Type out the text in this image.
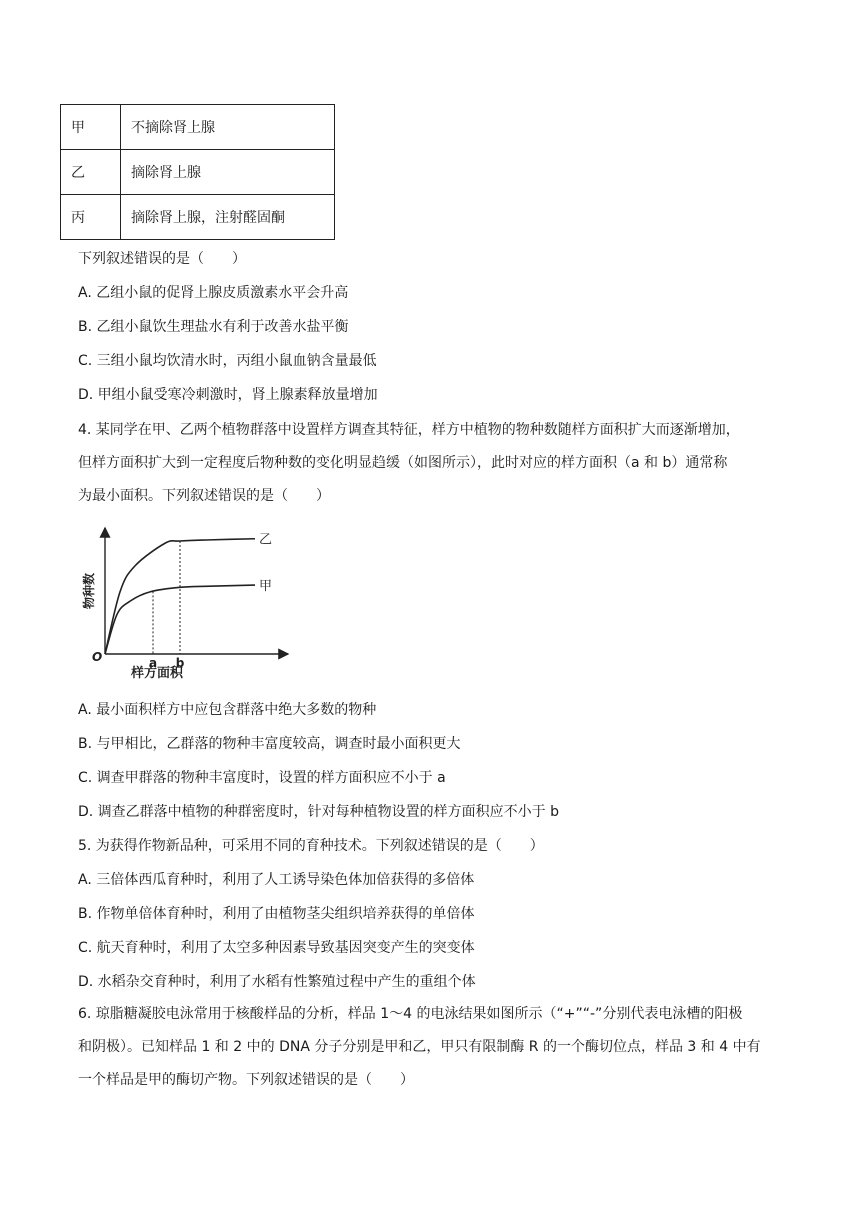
甲	不摘除肾上腺
乙	摘除肾上腺
丙	摘除肾上腺，注射醛固酮
下列叙述错误的是（　　）
A. 乙组小鼠的促肾上腺皮质激素水平会升高
B. 乙组小鼠饮生理盐水有利于改善水盐平衡
C. 三组小鼠均饮清水时，丙组小鼠血钠含量最低
D. 甲组小鼠受寒冷刺激时，肾上腺素释放量增加
4. 某同学在甲、乙两个植物群落中设置样方调查其特征，样方中植物的物种数随样方面积扩大而逐渐增加，
但样方面积扩大到一定程度后物种数的变化明显趋缓（如图所示），此时对应的样方面积（a 和 b）通常称
为最小面积。下列叙述错误的是（　　）
甲
乙
a b
O
物种数
样方面积
A. 最小面积样方中应包含群落中绝大多数的物种
B. 与甲相比，乙群落的物种丰富度较高，调查时最小面积更大
C. 调查甲群落的物种丰富度时，设置的样方面积应不小于 a
D. 调查乙群落中植物的种群密度时，针对每种植物设置的样方面积应不小于 b
5. 为获得作物新品种，可采用不同的育种技术。下列叙述错误的是（　　）
A. 三倍体西瓜育种时，利用了人工诱导染色体加倍获得的多倍体
B. 作物单倍体育种时，利用了由植物茎尖组织培养获得的单倍体
C. 航天育种时，利用了太空多种因素导致基因突变产生的突变体
D. 水稻杂交育种时，利用了水稻有性繁殖过程中产生的重组个体
6. 琼脂糖凝胶电泳常用于核酸样品的分析，样品 1～4 的电泳结果如图所示（“+”“-”分别代表电泳槽的阳极
和阴极）。已知样品 1 和 2 中的 DNA 分子分别是甲和乙，甲只有限制酶 R 的一个酶切位点，样品 3 和 4 中有
一个样品是甲的酶切产物。下列叙述错误的是（　　）
